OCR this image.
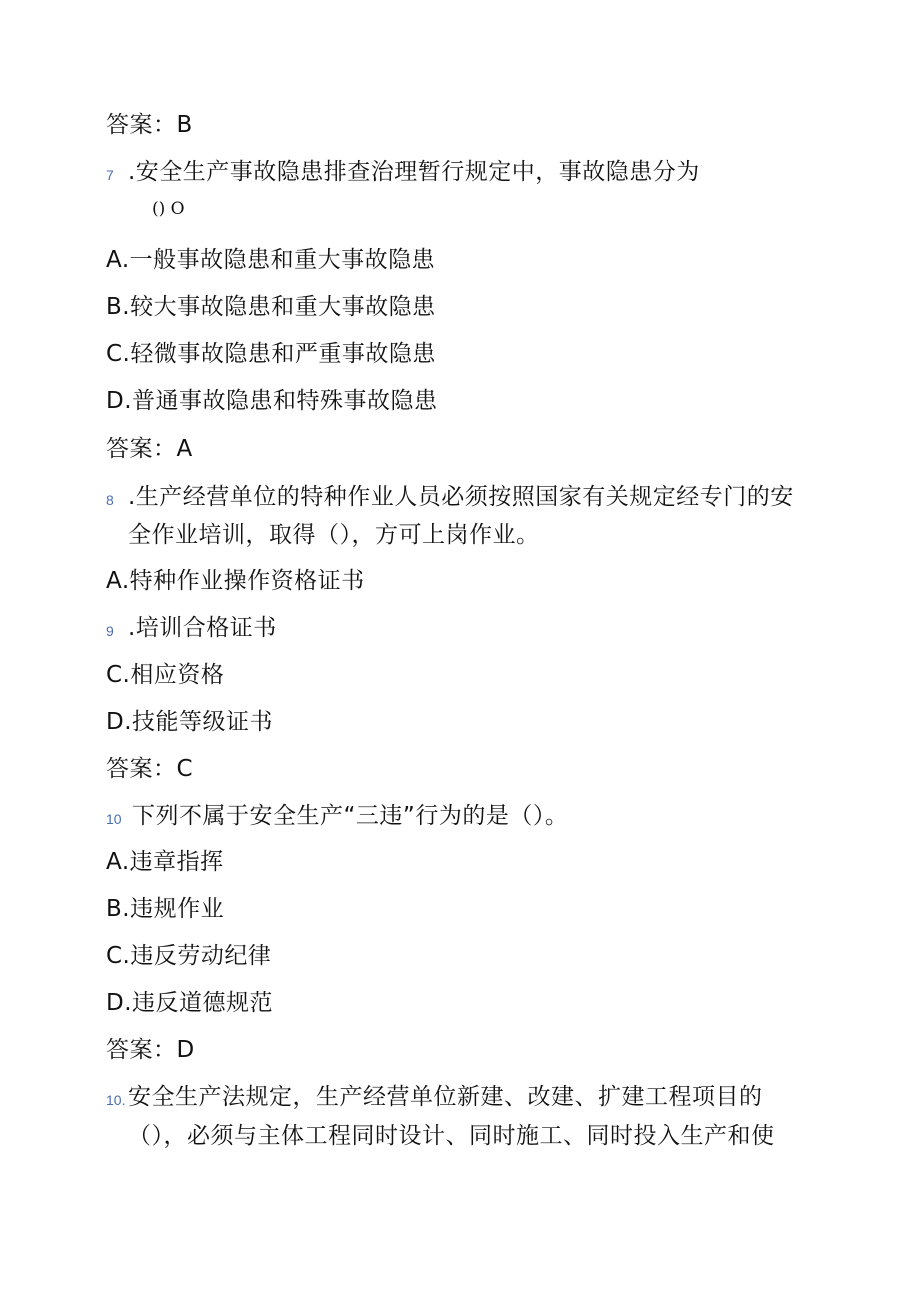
答案：B
7 .安全生产事故隐患排查治理暂行规定中，事故隐患分为
() O
A.一般事故隐患和重大事故隐患
B.较大事故隐患和重大事故隐患
C.轻微事故隐患和严重事故隐患
D.普通事故隐患和特殊事故隐患
答案：A
8 .生产经营单位的特种作业人员必须按照国家有关规定经专门的安
全作业培训，取得（），方可上岗作业。
A.特种作业操作资格证书
9 .培训合格证书
C.相应资格
D.技能等级证书
答案：C
10 下列不属于安全生产“三违”行为的是（）。
A.违章指挥
B.违规作业
C.违反劳动纪律
D.违反道德规范
答案：D
10. 安全生产法规定，生产经营单位新建、改建、扩建工程项目的
（），必须与主体工程同时设计、同时施工、同时投入生产和使
